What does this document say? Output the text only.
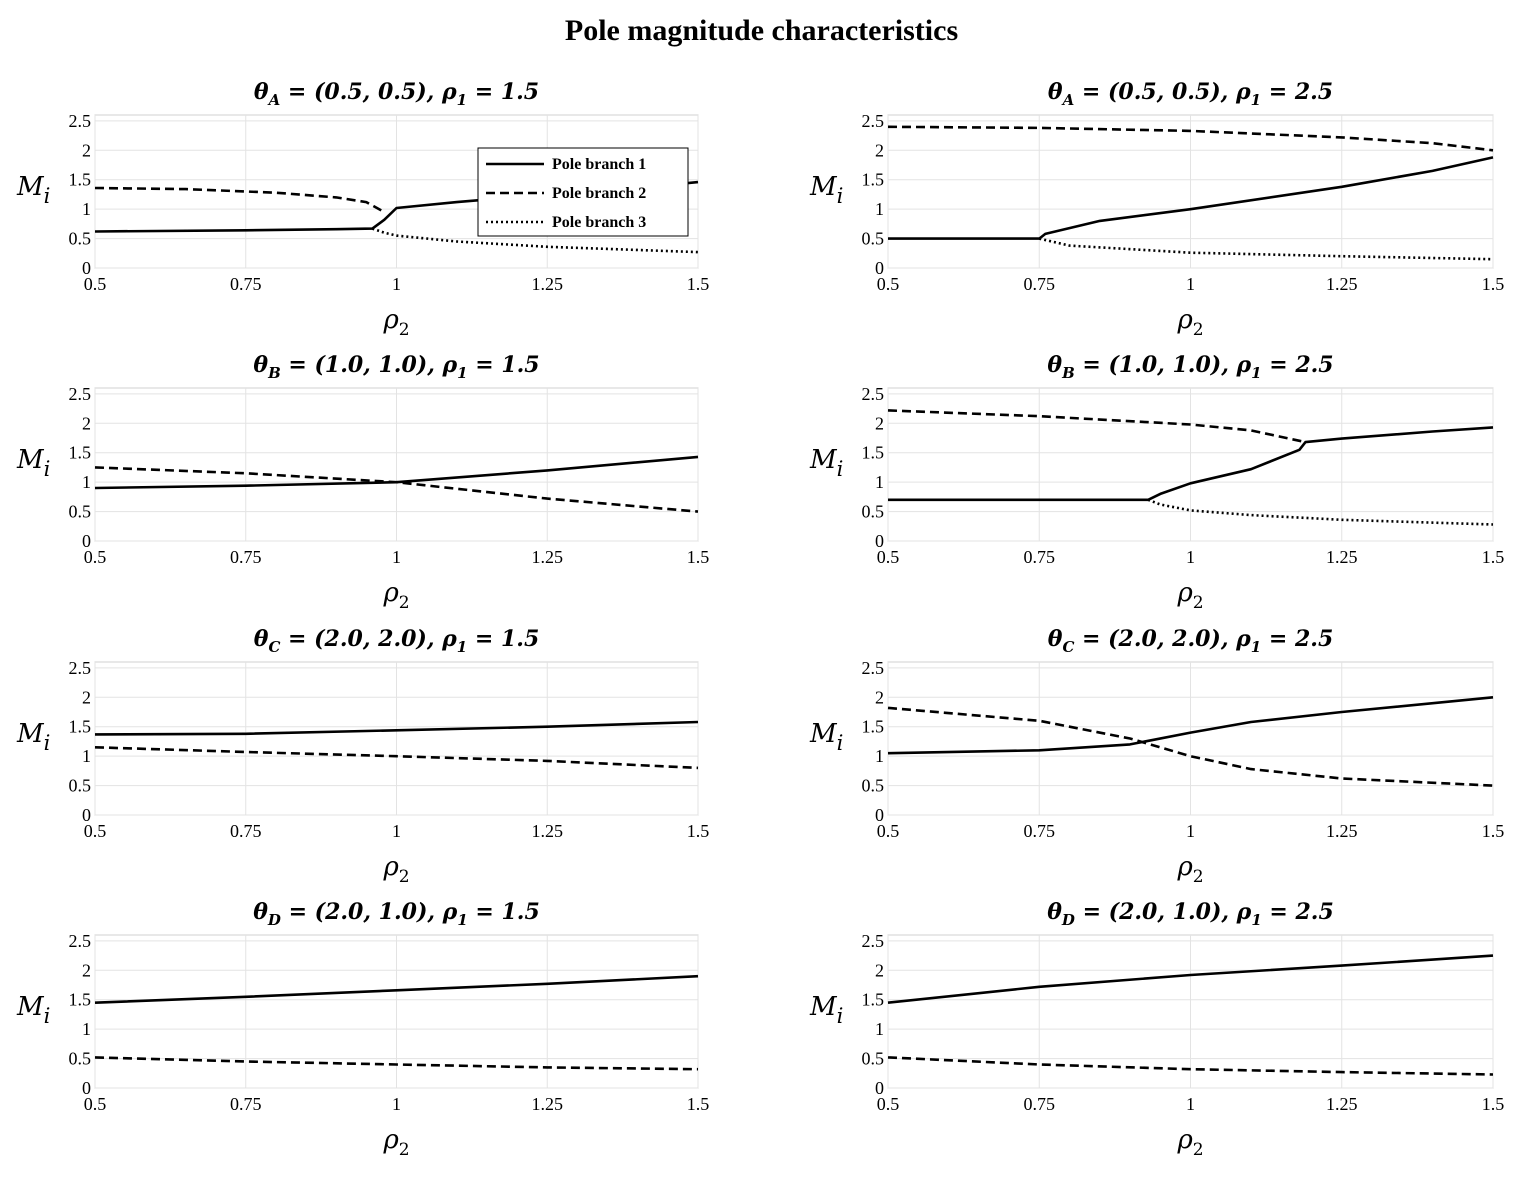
Pole magnitude characteristics
0.5	0.75	1	1.25	1.5
0
0.5
1
1.5
2
2.5
$\rho_2$
$M_i$
$\theta_A = (0.5$, 0.5), $\rho_1 = 1.5$
Pole branch 1
Pole branch 2
Pole branch 3
0.5	0.75	1	1.25	1.5
0
0.5
1
1.5
2
2.5
$\rho_2$
$M_i$
$\theta_A = (0.5$, 0.5), $\rho_1 = 2.5$
0.5	0.75	1	1.25	1.5
0
0.5
1
1.5
2
2.5
$\rho_2$
$M_i$
$\theta_B = (1.0$, 1.0), $\rho_1 = 1.5$
0.5	0.75	1	1.25	1.5
0
0.5
1
1.5
2
2.5
$\rho_2$
$M_i$
$\theta_B = (1.0$, 1.0), $\rho_1 = 2.5$
0.5	0.75	1	1.25	1.5
0
0.5
1
1.5
2
2.5
$\rho_2$
$M_i$
$\theta_C = (2.0$, 2.0), $\rho_1 = 1.5$
0.5	0.75	1	1.25	1.5
0
0.5
1
1.5
2
2.5
$\rho_2$
$M_i$
$\theta_C = (2.0$, 2.0), $\rho_1 = 2.5$
0.5	0.75	1	1.25	1.5
0
0.5
1
1.5
2
2.5
$\rho_2$
$M_i$
$\theta_D = (2.0$, 1.0), $\rho_1 = 1.5$
0.5	0.75	1	1.25	1.5
0
0.5
1
1.5
2
2.5
$\rho_2$
$M_i$
$\theta_D = (2.0$, 1.0), $\rho_1 = 2.5$
